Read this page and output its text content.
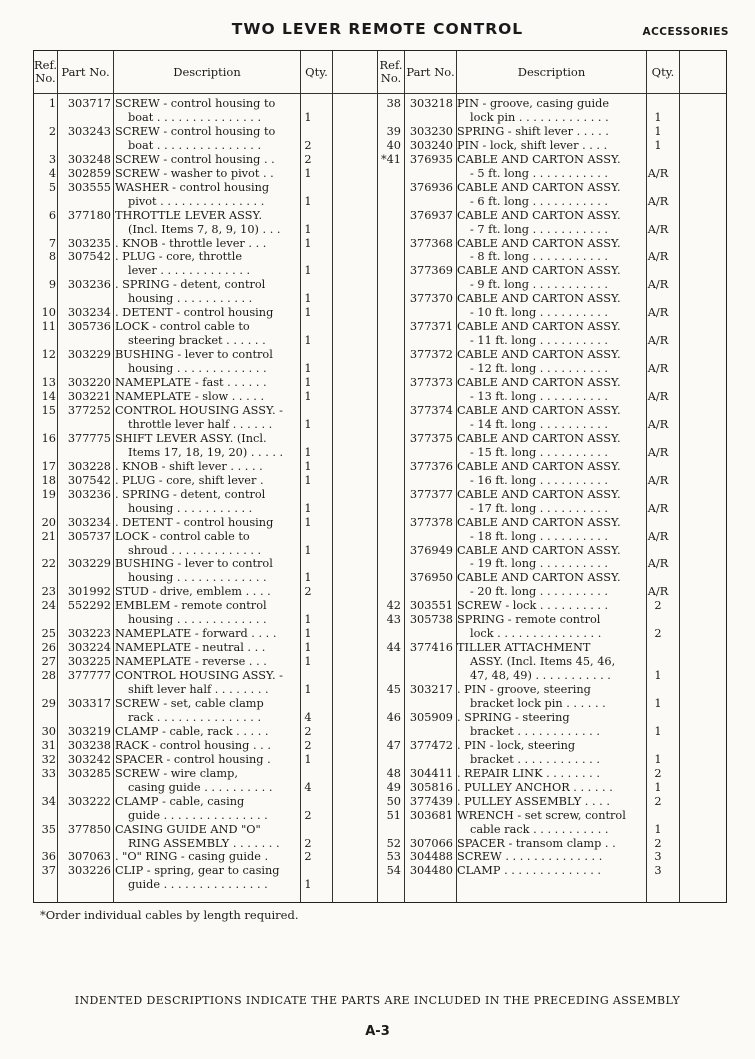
TWO LEVER REMOTE CONTROL	ACCESSORIES
Ref. No. Part No.	Description	Qty.	Ref. No. Part No.	Description	Qty.
1	303717 SCREW - control housing to
boat . . . . . . . . . . . . . . .	1
2	303243 SCREW - control housing to
boat . . . . . . . . . . . . . . .	2
3	303248 SCREW - control housing . .	2
4	302859 SCREW - washer to pivot . .	1
5	303555 WASHER - control housing
pivot . . . . . . . . . . . . . . .	1
6	377180 THROTTLE LEVER ASSY.
(Incl. Items 7, 8, 9, 10) . . .	1
7	303235 . KNOB - throttle lever . . .	1
8	307542 . PLUG - core, throttle
lever . . . . . . . . . . . . .	1
9	303236 . SPRING - detent, control
housing . . . . . . . . . . .	1
10	303234 . DETENT - control housing	1
11	305736 LOCK - control cable to
steering bracket . . . . . .	1
12	303229 BUSHING - lever to control
housing . . . . . . . . . . . . .	1
13	303220 NAMEPLATE - fast . . . . . .	1
14	303221 NAMEPLATE - slow . . . . .	1
15	377252 CONTROL HOUSING ASSY. -
throttle lever half . . . . . .	1
16	377775 SHIFT LEVER ASSY. (Incl.
Items 17, 18, 19, 20) . . . . .	1
17	303228 . KNOB - shift lever . . . . .	1
18	307542 . PLUG - core, shift lever .	1
19	303236 . SPRING - detent, control
housing . . . . . . . . . . .	1
20	303234 . DETENT - control housing	1
21	305737 LOCK - control cable to
shroud . . . . . . . . . . . . .	1
22	303229 BUSHING - lever to control
housing . . . . . . . . . . . . .	1
23	301992 STUD - drive, emblem . . . .	2
24	552292 EMBLEM - remote control
housing . . . . . . . . . . . . .	1
25	303223 NAMEPLATE - forward . . . .	1
26	303224 NAMEPLATE - neutral . . .	1
27	303225 NAMEPLATE - reverse . . .	1
28	377777 CONTROL HOUSING ASSY. -
shift lever half . . . . . . . .	1
29	303317 SCREW - set, cable clamp
rack . . . . . . . . . . . . . . .	4
30	303219 CLAMP - cable, rack . . . . .	2
31	303238 RACK - control housing . . .	2
32	303242 SPACER - control housing .	1
33	303285 SCREW - wire clamp,
casing guide . . . . . . . . . .	4
34	303222 CLAMP - cable, casing
guide . . . . . . . . . . . . . . .	2
35	377850 CASING GUIDE AND "O"
RING ASSEMBLY . . . . . . .	2
36	307063 . "O" RING - casing guide .	2
37	303226 CLIP - spring, gear to casing
guide . . . . . . . . . . . . . . .	1
38 303218 PIN - groove, casing guide
lock pin . . . . . . . . . . . . .	1
39 303230 SPRING - shift lever . . . . .	1
40 303240 PIN - lock, shift lever . . . .	1
*41 376935 CABLE AND CARTON ASSY.
- 5 ft. long . . . . . . . . . . .	A/R
376936 CABLE AND CARTON ASSY.
- 6 ft. long . . . . . . . . . . .	A/R
376937 CABLE AND CARTON ASSY.
- 7 ft. long . . . . . . . . . . .	A/R
377368 CABLE AND CARTON ASSY.
- 8 ft. long . . . . . . . . . . .	A/R
377369 CABLE AND CARTON ASSY.
- 9 ft. long . . . . . . . . . . .	A/R
377370 CABLE AND CARTON ASSY.
- 10 ft. long . . . . . . . . . .	A/R
377371 CABLE AND CARTON ASSY.
- 11 ft. long . . . . . . . . . .	A/R
377372 CABLE AND CARTON ASSY.
- 12 ft. long . . . . . . . . . .	A/R
377373 CABLE AND CARTON ASSY.
- 13 ft. long . . . . . . . . . .	A/R
377374 CABLE AND CARTON ASSY.
- 14 ft. long . . . . . . . . . .	A/R
377375 CABLE AND CARTON ASSY.
- 15 ft. long . . . . . . . . . .	A/R
377376 CABLE AND CARTON ASSY.
- 16 ft. long . . . . . . . . . .	A/R
377377 CABLE AND CARTON ASSY.
- 17 ft. long . . . . . . . . . .	A/R
377378 CABLE AND CARTON ASSY.
- 18 ft. long . . . . . . . . . .	A/R
376949 CABLE AND CARTON ASSY.
- 19 ft. long . . . . . . . . . .	A/R
376950 CABLE AND CARTON ASSY.
- 20 ft. long . . . . . . . . . .	A/R
42 303551 SCREW - lock . . . . . . . . . .	2
43 305738 SPRING - remote control
lock . . . . . . . . . . . . . . .	2
44 377416 TILLER ATTACHMENT
ASSY. (Incl. Items 45, 46,
47, 48, 49) . . . . . . . . . . .	1
45 303217 . PIN - groove, steering
bracket lock pin . . . . . .	1
46 305909 . SPRING - steering
bracket . . . . . . . . . . . .	1
47 377472 . PIN - lock, steering
bracket . . . . . . . . . . . .	1
48 304411 . REPAIR LINK . . . . . . . .	2
49 305816 . PULLEY ANCHOR . . . . . .	1
50 377439 . PULLEY ASSEMBLY . . . .	2
51 303681 WRENCH - set screw, control
cable rack . . . . . . . . . . .	1
52 307066 SPACER - transom clamp . .	2
53 304488 SCREW . . . . . . . . . . . . . .	3
54 304480 CLAMP . . . . . . . . . . . . . .	3
*Order individual cables by length required.
INDENTED DESCRIPTIONS INDICATE THE PARTS ARE INCLUDED IN THE PRECEDING ASSEMBLY
A-3
